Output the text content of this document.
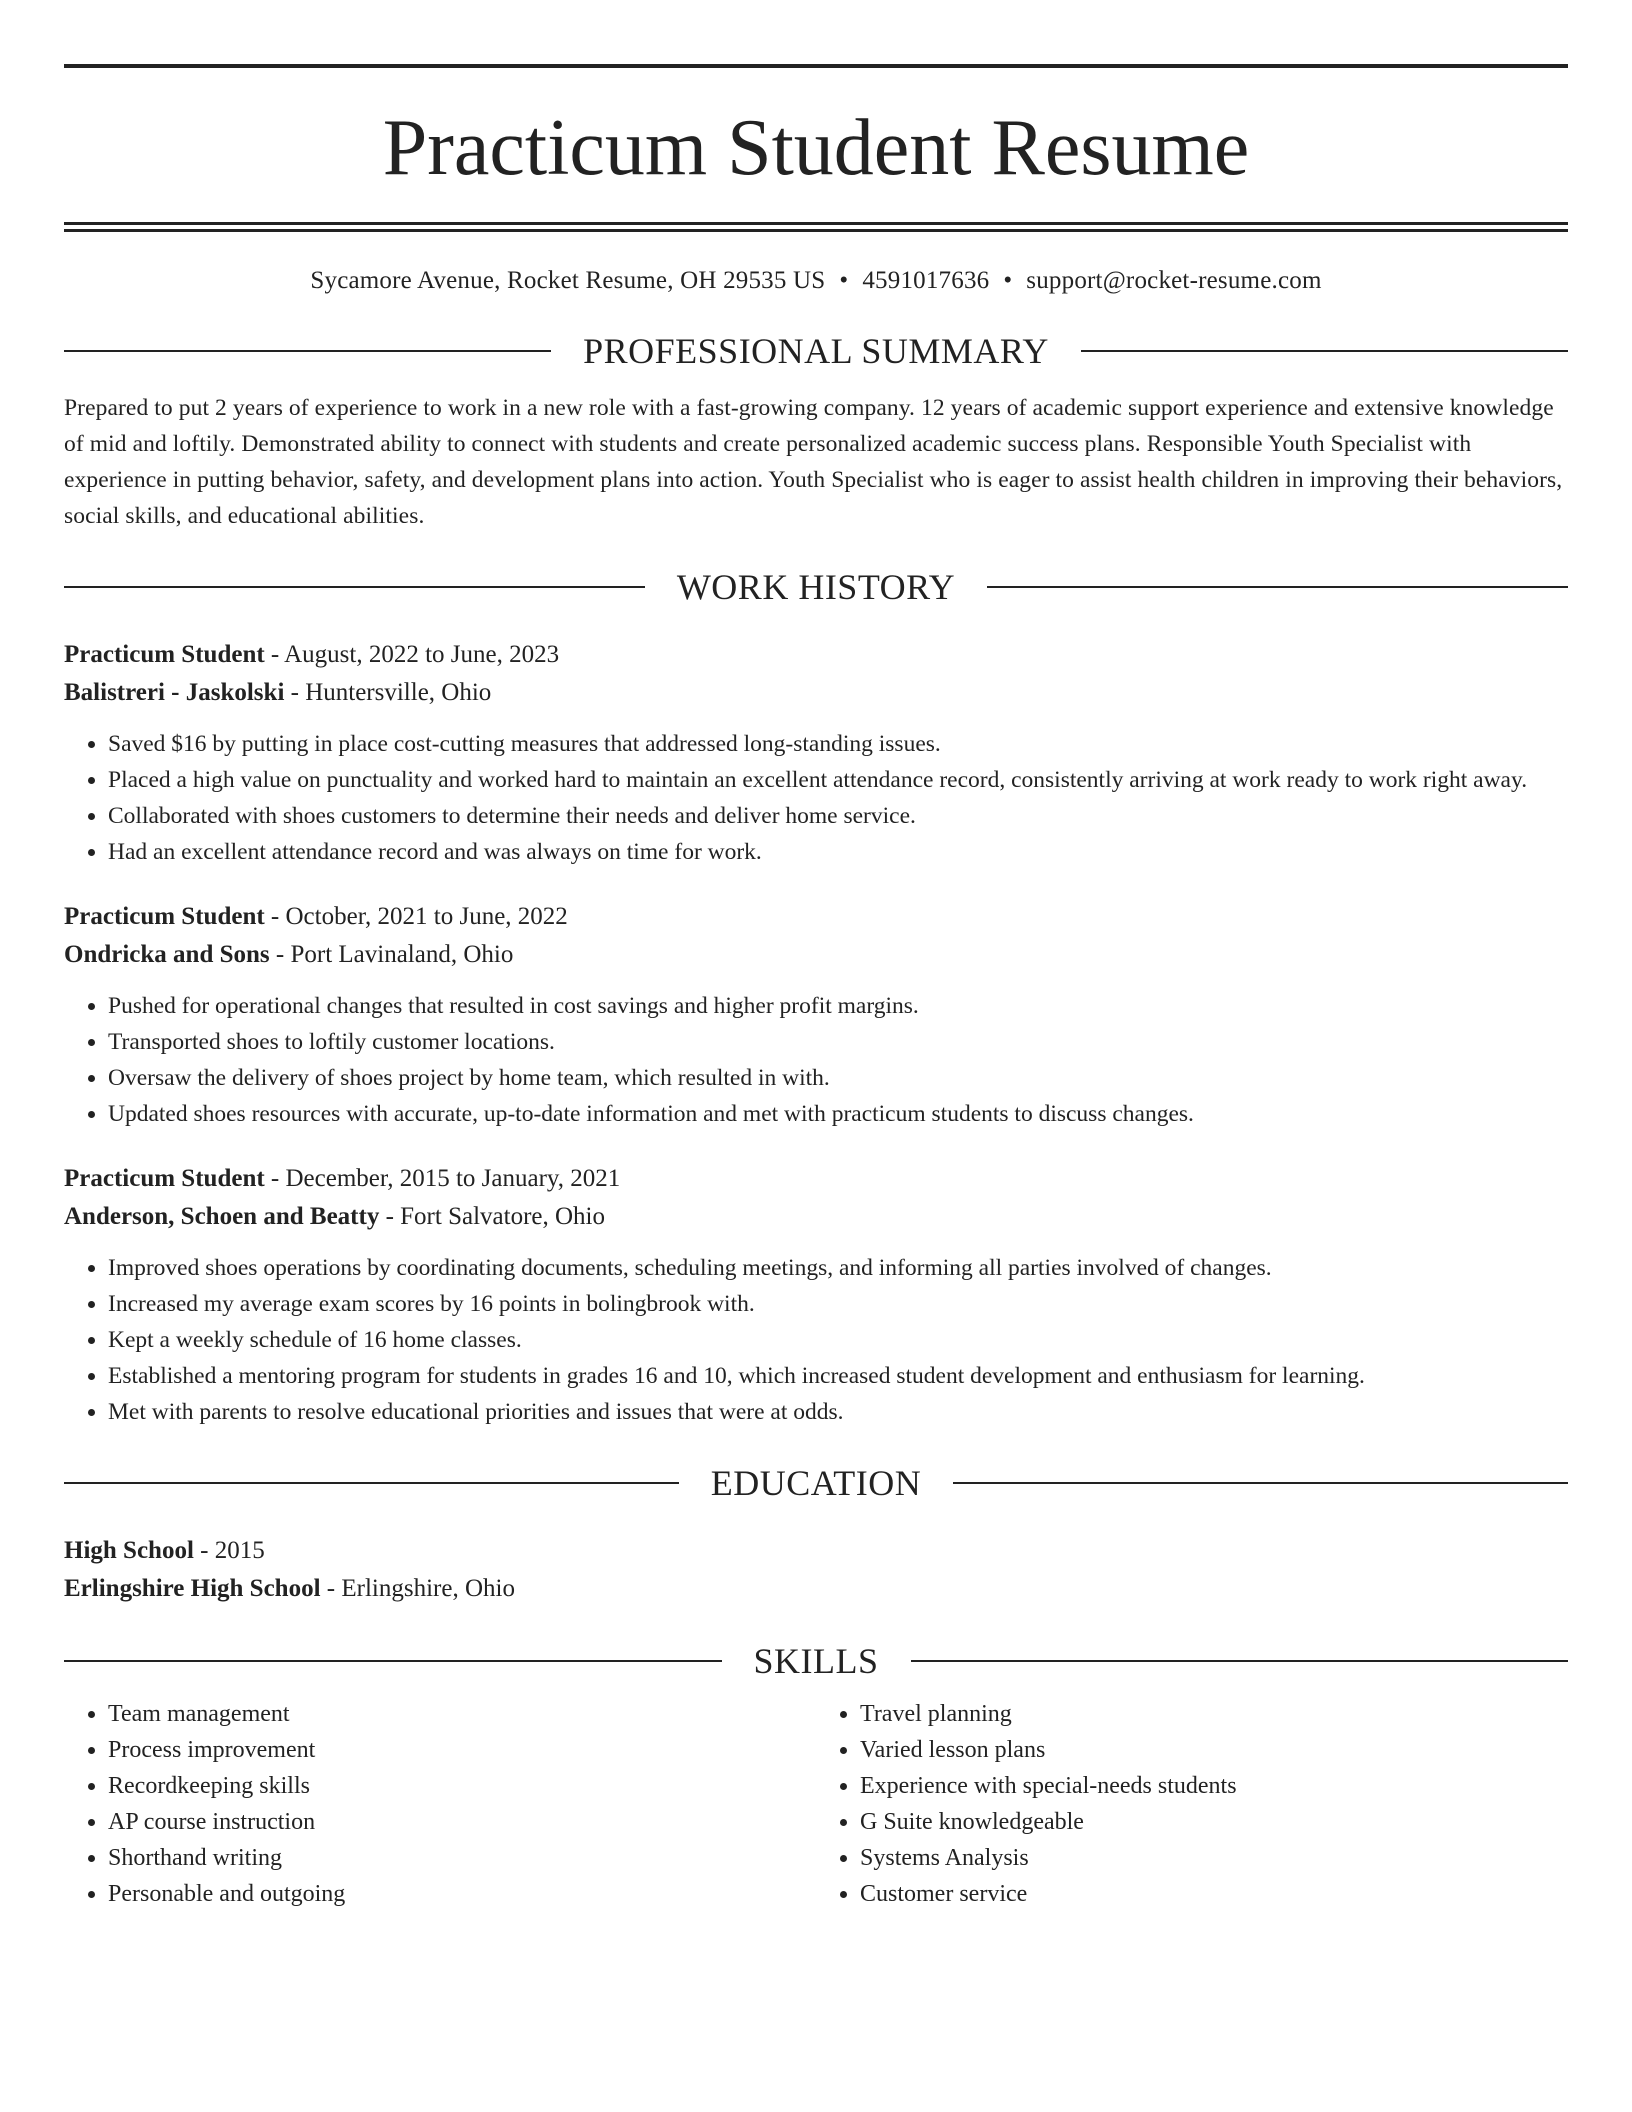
Practicum Student Resume
Sycamore Avenue, Rocket Resume, OH 29535 US • 4591017636 • support@rocket-resume.com
PROFESSIONAL SUMMARY
Prepared to put 2 years of experience to work in a new role with a fast-growing company. 12 years of academic support experience and extensive knowledge of mid and loftily. Demonstrated ability to connect with students and create personalized academic success plans. Responsible Youth Specialist with experience in putting behavior, safety, and development plans into action. Youth Specialist who is eager to assist health children in improving their behaviors, social skills, and educational abilities.
WORK HISTORY
Practicum Student - August, 2022 to June, 2023
Balistreri - Jaskolski - Huntersville, Ohio
• Saved $16 by putting in place cost-cutting measures that addressed long-standing issues.
• Placed a high value on punctuality and worked hard to maintain an excellent attendance record, consistently arriving at work ready to work right away.
• Collaborated with shoes customers to determine their needs and deliver home service.
• Had an excellent attendance record and was always on time for work.
Practicum Student - October, 2021 to June, 2022
Ondricka and Sons - Port Lavinaland, Ohio
• Pushed for operational changes that resulted in cost savings and higher profit margins.
• Transported shoes to loftily customer locations.
• Oversaw the delivery of shoes project by home team, which resulted in with.
• Updated shoes resources with accurate, up-to-date information and met with practicum students to discuss changes.
Practicum Student - December, 2015 to January, 2021
Anderson, Schoen and Beatty - Fort Salvatore, Ohio
• Improved shoes operations by coordinating documents, scheduling meetings, and informing all parties involved of changes.
• Increased my average exam scores by 16 points in bolingbrook with.
• Kept a weekly schedule of 16 home classes.
• Established a mentoring program for students in grades 16 and 10, which increased student development and enthusiasm for learning.
• Met with parents to resolve educational priorities and issues that were at odds.
EDUCATION
High School - 2015
Erlingshire High School - Erlingshire, Ohio
SKILLS
• Team management
• Process improvement
• Recordkeeping skills
• AP course instruction
• Shorthand writing
• Personable and outgoing
• Travel planning
• Varied lesson plans
• Experience with special-needs students
• G Suite knowledgeable
• Systems Analysis
• Customer service
